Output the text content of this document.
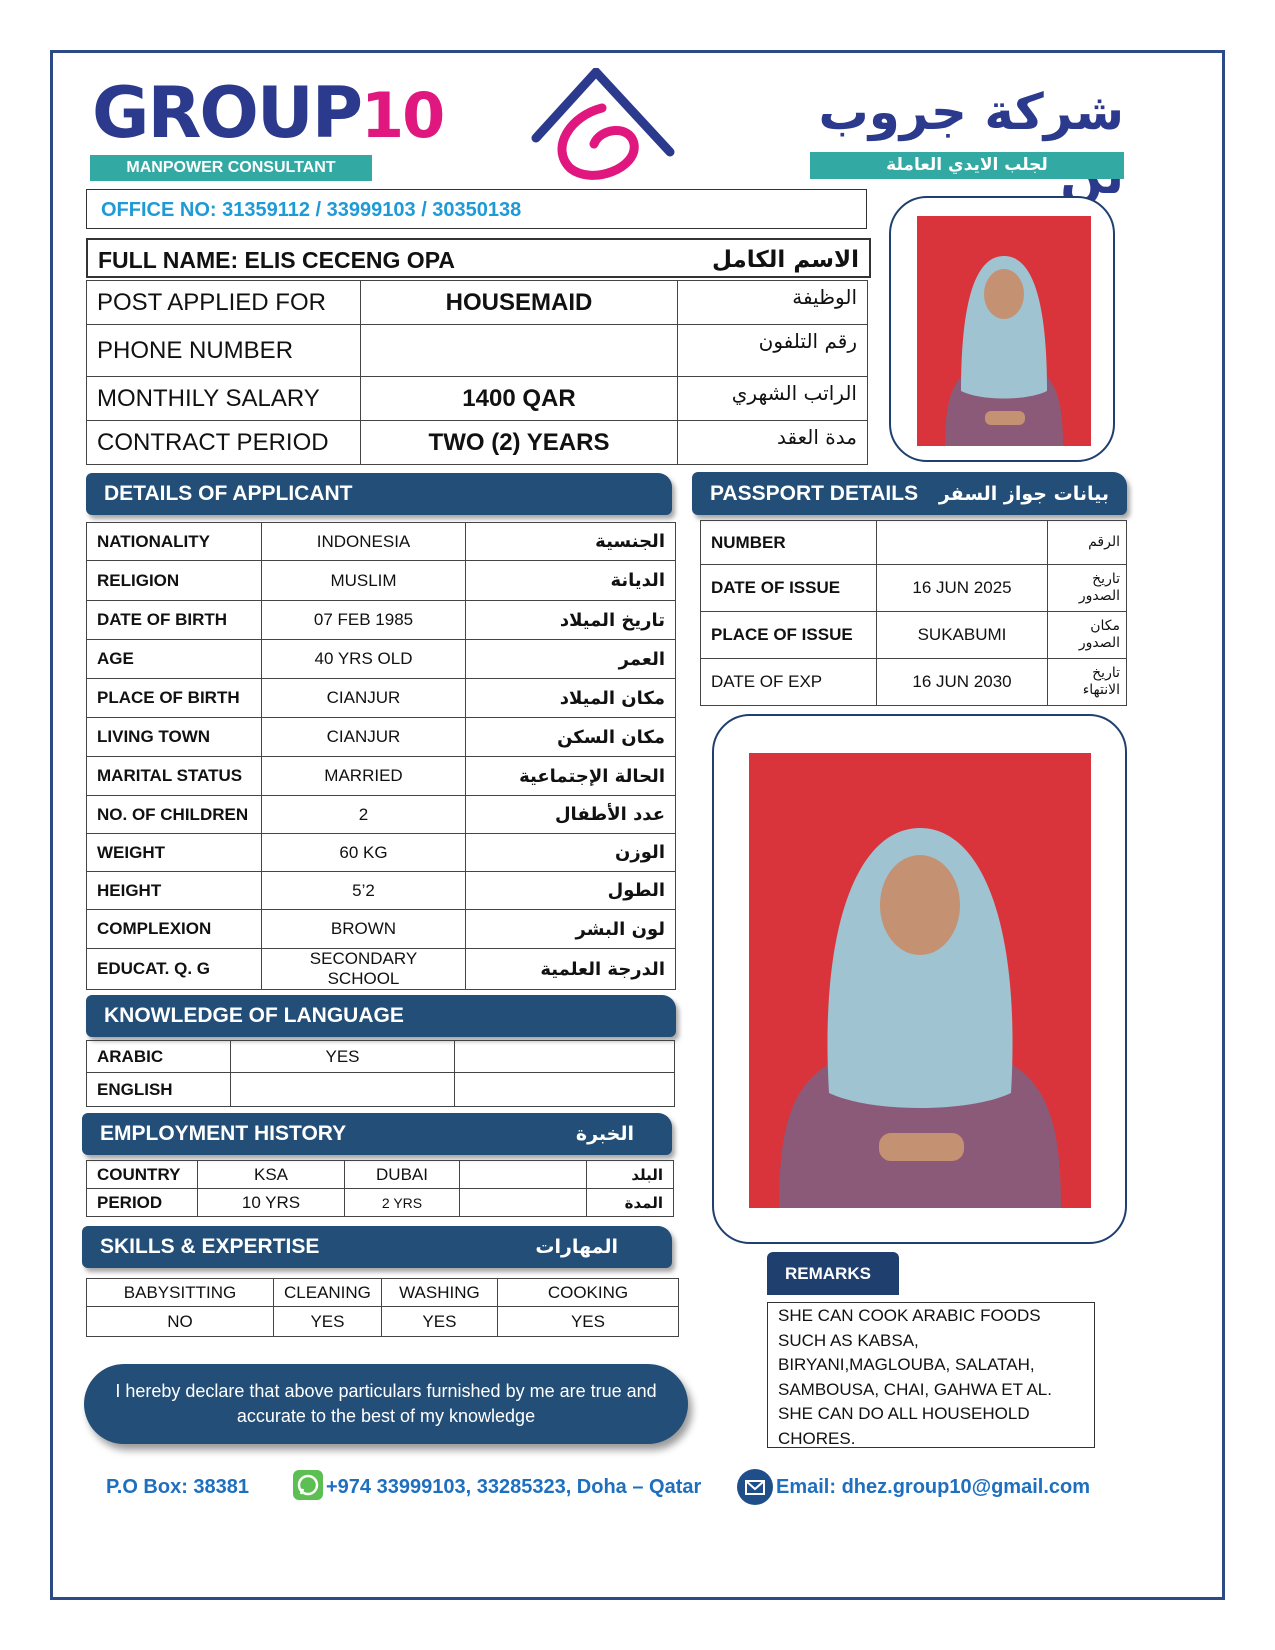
GROUP10
MANPOWER CONSULTANT
شركة جروب
لجلب الايدي العاملة
OFFICE NO: 31359112 / 33999103 / 30350138
FULL NAME: ELIS CECENG OPA	الاسم الكامل
POST APPLIED FOR	HOUSEMAID	الوظيفة
PHONE NUMBER		رقم التلفون
MONTHILY SALARY	1400 QAR	الراتب الشهري
CONTRACT PERIOD	TWO (2) YEARS	مدة العقد
DETAILS OF APPLICANT
NATIONALITY	INDONESIA	الجنسية
RELIGION	MUSLIM	الديانة
DATE OF BIRTH	07 FEB 1985	تاريخ الميلاد
AGE	40 YRS OLD	العمر
PLACE OF BIRTH	CIANJUR	مكان الميلاد
LIVING TOWN	CIANJUR	مكان السكن
MARITAL STATUS	MARRIED	الحالة الإجتماعية
NO. OF CHILDREN	2	عدد الأطفال
WEIGHT	60 KG	الوزن
HEIGHT	5’2	الطول
COMPLEXION	BROWN	لون البشر
EDUCAT. Q. G	SECONDARY SCHOOL	الدرجة العلمية
PASSPORT DETAILS بيانات جواز السفر
NUMBER		الرقم
DATE OF ISSUE	16 JUN 2025	تاريخ الصدور
PLACE OF ISSUE	SUKABUMI	مكان الصدور
DATE OF EXP	16 JUN 2030	تاريخ الانتهاء
KNOWLEDGE OF LANGUAGE
ARABIC	YES	
ENGLISH		
EMPLOYMENT HISTORY	الخبرة
COUNTRY	KSA	DUBAI		البلد
PERIOD	10 YRS	2 YRS		المدة
SKILLS & EXPERTISE	المهارات
BABYSITTING	CLEANING	WASHING	COOKING
NO	YES	YES	YES
REMARKS
SHE CAN COOK ARABIC FOODS SUCH AS KABSA, BIRYANI,MAGLOUBA, SALATAH, SAMBOUSA, CHAI, GAHWA ET AL. SHE CAN DO ALL HOUSEHOLD CHORES.
I hereby declare that above particulars furnished by me are true and accurate to the best of my knowledge
P.O Box: 38381	+974 33999103, 33285323, Doha – Qatar	Email: dhez.group10@gmail.com
